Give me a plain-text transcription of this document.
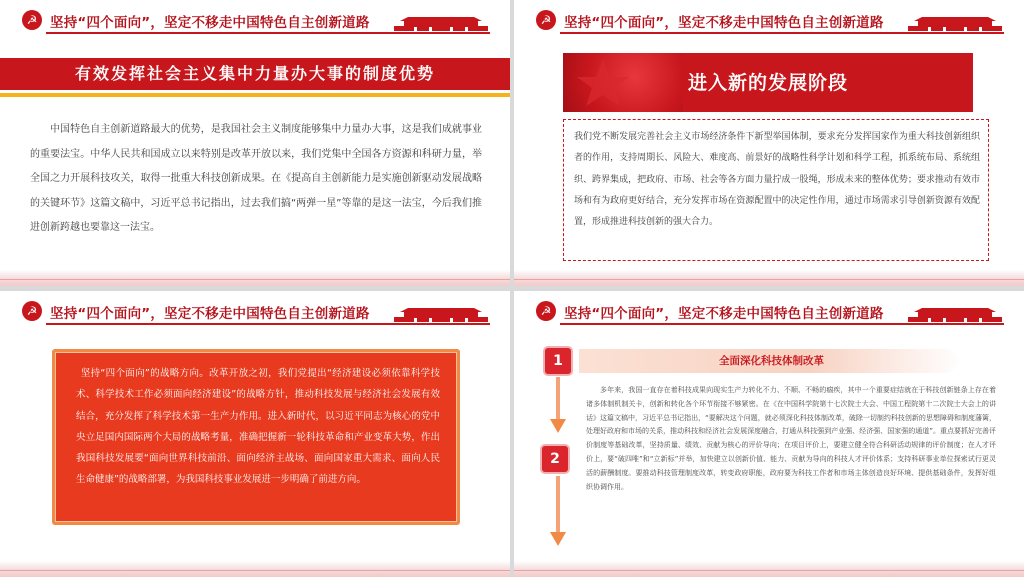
☭ 坚持“四个面向”，坚定不移走中国特色自主创新道路
有效发挥社会主义集中力量办大事的制度优势
中国特色自主创新道路最大的优势，是我国社会主义制度能够集中力量办大事，这是我们成就事业的重要法宝。中华人民共和国成立以来特别是改革开放以来，我们党集中全国各方资源和科研力量，举全国之力开展科技攻关，取得一批重大科技创新成果。在《提高自主创新能力是实施创新驱动发展战略的关键环节》这篇文稿中，习近平总书记指出，过去我们搞“两弹一星”等靠的是这一法宝，今后我们推进创新跨越也要靠这一法宝。
☭ 坚持“四个面向”，坚定不移走中国特色自主创新道路
进入新的发展阶段
我们党不断发展完善社会主义市场经济条件下新型举国体制，要求充分发挥国家作为重大科技创新组织者的作用，支持周期长、风险大、难度高、前景好的战略性科学计划和科学工程，抓系统布局、系统组织、跨界集成，把政府、市场、社会等各方面力量拧成一股绳，形成未来的整体优势；要求推动有效市场和有为政府更好结合，充分发挥市场在资源配置中的决定性作用，通过市场需求引导创新资源有效配置，形成推进科技创新的强大合力。
☭ 坚持“四个面向”，坚定不移走中国特色自主创新道路
坚持“四个面向”的战略方向。改革开放之初，我们党提出“经济建设必须依靠科学技术、科学技术工作必须面向经济建设”的战略方针，推动科技发展与经济社会发展有效结合，充分发挥了科学技术第一生产力作用。进入新时代，以习近平同志为核心的党中央立足国内国际两个大局的战略考量，准确把握新一轮科技革命和产业变革大势，作出我国科技发展要“面向世界科技前沿、面向经济主战场、面向国家重大需求、面向人民生命健康”的战略部署，为我国科技事业发展进一步明确了前进方向。
☭ 坚持“四个面向”，坚定不移走中国特色自主创新道路
1
2
全面深化科技体制改革
多年来，我国一直存在着科技成果向现实生产力转化不力、不顺、不畅的痼疾，其中一个重要症结就在于科技创新链条上存在着诸多体制机制关卡，创新和转化各个环节衔接不够紧密。在《在中国科学院第十七次院士大会、中国工程院第十二次院士大会上的讲话》这篇文稿中，习近平总书记指出，“要解决这个问题，就必须深化科技体制改革，破除一切制约科技创新的思想障碍和制度藩篱，处理好政府和市场的关系，推动科技和经济社会发展深度融合，打通从科技强到产业强、经济强、国家强的通道”。重点要抓好完善评价制度等基础改革，坚持质量、绩效、贡献为核心的评价导向；在项目评价上，要建立健全符合科研活动规律的评价制度；在人才评价上，要“破四唯”和“立新标”并举，加快建立以创新价值、能力、贡献为导向的科技人才评价体系；支持科研事业单位探索试行更灵活的薪酬制度。要推动科技管理制度改革，转变政府职能，政府要为科技工作者和市场主体创造良好环境、提供基础条件，发挥好组织协调作用。
